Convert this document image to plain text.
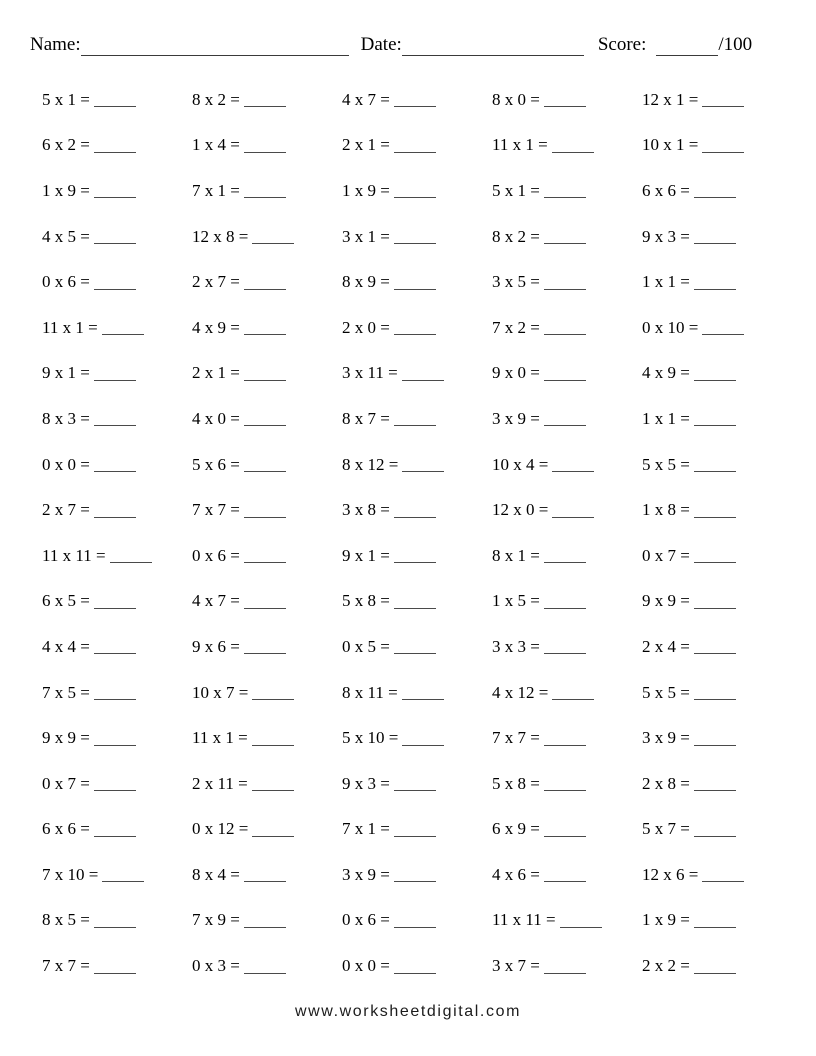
Name:	Date:	Score:	/100
5 x 1 =	8 x 2 =	4 x 7 =	8 x 0 =	12 x 1 =
6 x 2 =	1 x 4 =	2 x 1 =	11 x 1 =	10 x 1 =
1 x 9 =	7 x 1 =	1 x 9 =	5 x 1 =	6 x 6 =
4 x 5 =	12 x 8 =	3 x 1 =	8 x 2 =	9 x 3 =
0 x 6 =	2 x 7 =	8 x 9 =	3 x 5 =	1 x 1 =
11 x 1 =	4 x 9 =	2 x 0 =	7 x 2 =	0 x 10 =
9 x 1 =	2 x 1 =	3 x 11 =	9 x 0 =	4 x 9 =
8 x 3 =	4 x 0 =	8 x 7 =	3 x 9 =	1 x 1 =
0 x 0 =	5 x 6 =	8 x 12 =	10 x 4 =	5 x 5 =
2 x 7 =	7 x 7 =	3 x 8 =	12 x 0 =	1 x 8 =
11 x 11 =	0 x 6 =	9 x 1 =	8 x 1 =	0 x 7 =
6 x 5 =	4 x 7 =	5 x 8 =	1 x 5 =	9 x 9 =
4 x 4 =	9 x 6 =	0 x 5 =	3 x 3 =	2 x 4 =
7 x 5 =	10 x 7 =	8 x 11 =	4 x 12 =	5 x 5 =
9 x 9 =	11 x 1 =	5 x 10 =	7 x 7 =	3 x 9 =
0 x 7 =	2 x 11 =	9 x 3 =	5 x 8 =	2 x 8 =
6 x 6 =	0 x 12 =	7 x 1 =	6 x 9 =	5 x 7 =
7 x 10 =	8 x 4 =	3 x 9 =	4 x 6 =	12 x 6 =
8 x 5 =	7 x 9 =	0 x 6 =	11 x 11 =	1 x 9 =
7 x 7 =	0 x 3 =	0 x 0 =	3 x 7 =	2 x 2 =
www.worksheetdigital.com
